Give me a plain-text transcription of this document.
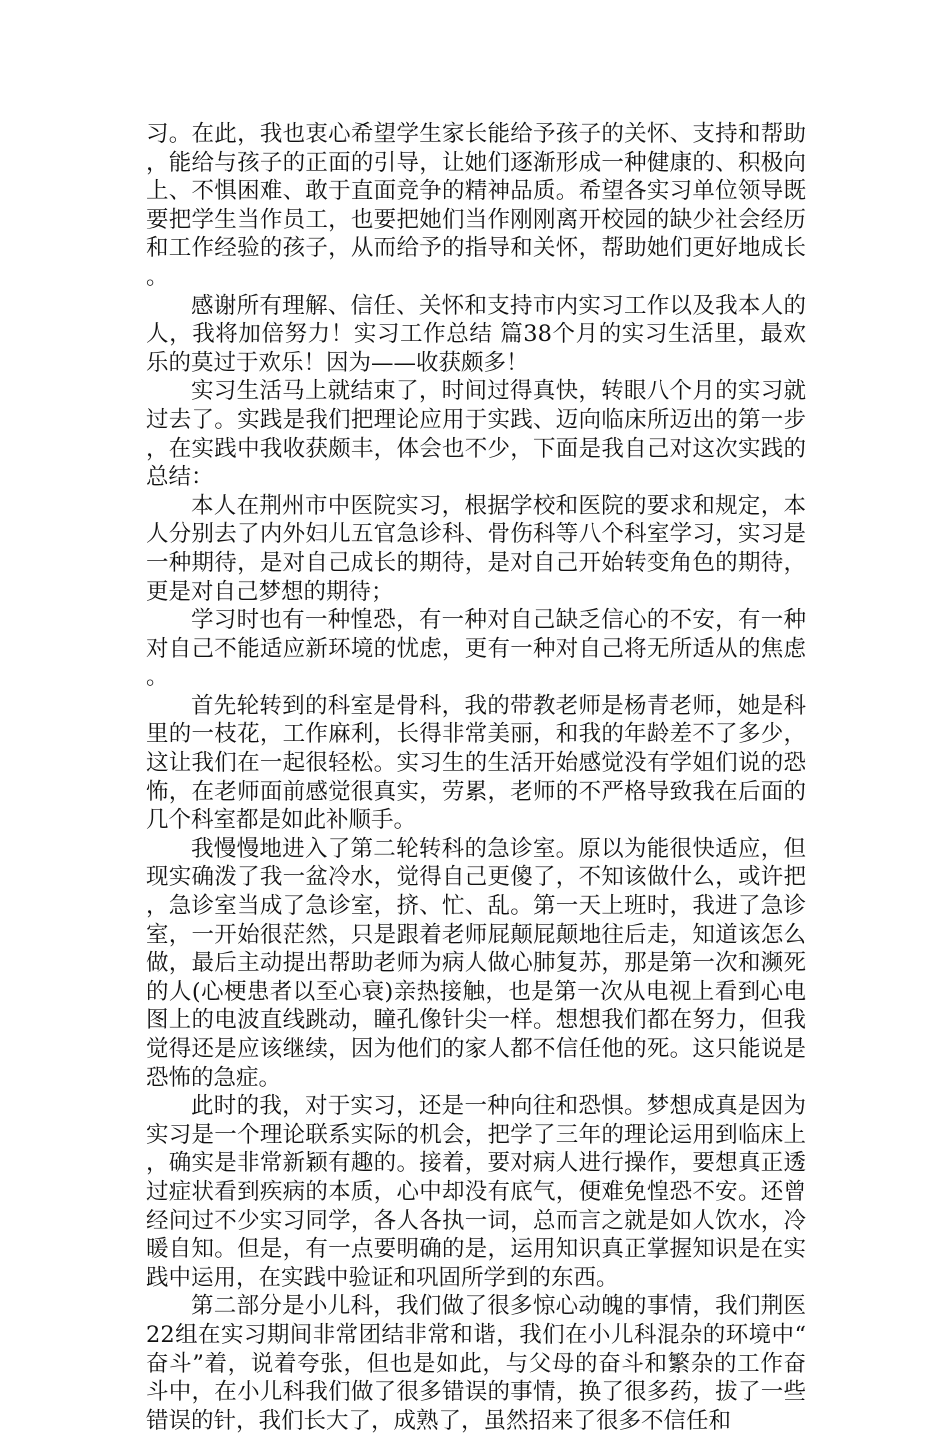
习。在此，我也衷心希望学生家长能给予孩子的关怀、支持和帮助，能给与孩子的正面的引导，让她们逐渐形成一种健康的、积极向上、不惧困难、敢于直面竞争的精神品质。希望各实习单位领导既要把学生当作员工，也要把她们当作刚刚离开校园的缺少社会经历和工作经验的孩子，从而给予的指导和关怀，帮助她们更好地成长。

感谢所有理解、信任、关怀和支持市内实习工作以及我本人的人，我将加倍努力！实习工作总结 篇38个月的实习生活里，最欢乐的莫过于欢乐！因为——收获颇多！

实习生活马上就结束了，时间过得真快，转眼八个月的实习就过去了。实践是我们把理论应用于实践、迈向临床所迈出的第一步，在实践中我收获颇丰，体会也不少，下面是我自己对这次实践的总结：

本人在荆州市中医院实习，根据学校和医院的要求和规定，本人分别去了内外妇儿五官急诊科、骨伤科等八个科室学习，实习是一种期待，是对自己成长的期待，是对自己开始转变角色的期待，更是对自己梦想的期待；

学习时也有一种惶恐，有一种对自己缺乏信心的不安，有一种对自己不能适应新环境的忧虑，更有一种对自己将无所适从的焦虑。

首先轮转到的科室是骨科，我的带教老师是杨青老师，她是科里的一枝花，工作麻利，长得非常美丽，和我的年龄差不了多少，这让我们在一起很轻松。实习生的生活开始感觉没有学姐们说的恐怖，在老师面前感觉很真实，劳累，老师的不严格导致我在后面的几个科室都是如此补顺手。

我慢慢地进入了第二轮转科的急诊室。原以为能很快适应，但现实确泼了我一盆冷水，觉得自己更傻了，不知该做什么，或许把，急诊室当成了急诊室，挤、忙、乱。第一天上班时，我进了急诊室，一开始很茫然，只是跟着老师屁颠屁颠地往后走，知道该怎么做，最后主动提出帮助老师为病人做心肺复苏，那是第一次和濒死的人(心梗患者以至心衰)亲热接触，也是第一次从电视上看到心电图上的电波直线跳动，瞳孔像针尖一样。想想我们都在努力，但我觉得还是应该继续，因为他们的家人都不信任他的死。这只能说是恐怖的急症。

此时的我，对于实习，还是一种向往和恐惧。梦想成真是因为实习是一个理论联系实际的机会，把学了三年的理论运用到临床上，确实是非常新颖有趣的。接着，要对病人进行操作，要想真正透过症状看到疾病的本质，心中却没有底气，便难免惶恐不安。还曾经问过不少实习同学，各人各执一词，总而言之就是如人饮水，冷暖自知。但是，有一点要明确的是，运用知识真正掌握知识是在实践中运用，在实践中验证和巩固所学到的东西。

第二部分是小儿科，我们做了很多惊心动魄的事情，我们荆医22组在实习期间非常团结非常和谐，我们在小儿科混杂的环境中“奋斗”着，说着夸张，但也是如此，与父母的奋斗和繁杂的工作奋斗中，在小儿科我们做了很多错误的事情，换了很多药，拔了一些错误的针，我们长大了，成熟了，虽然招来了很多不信任和
